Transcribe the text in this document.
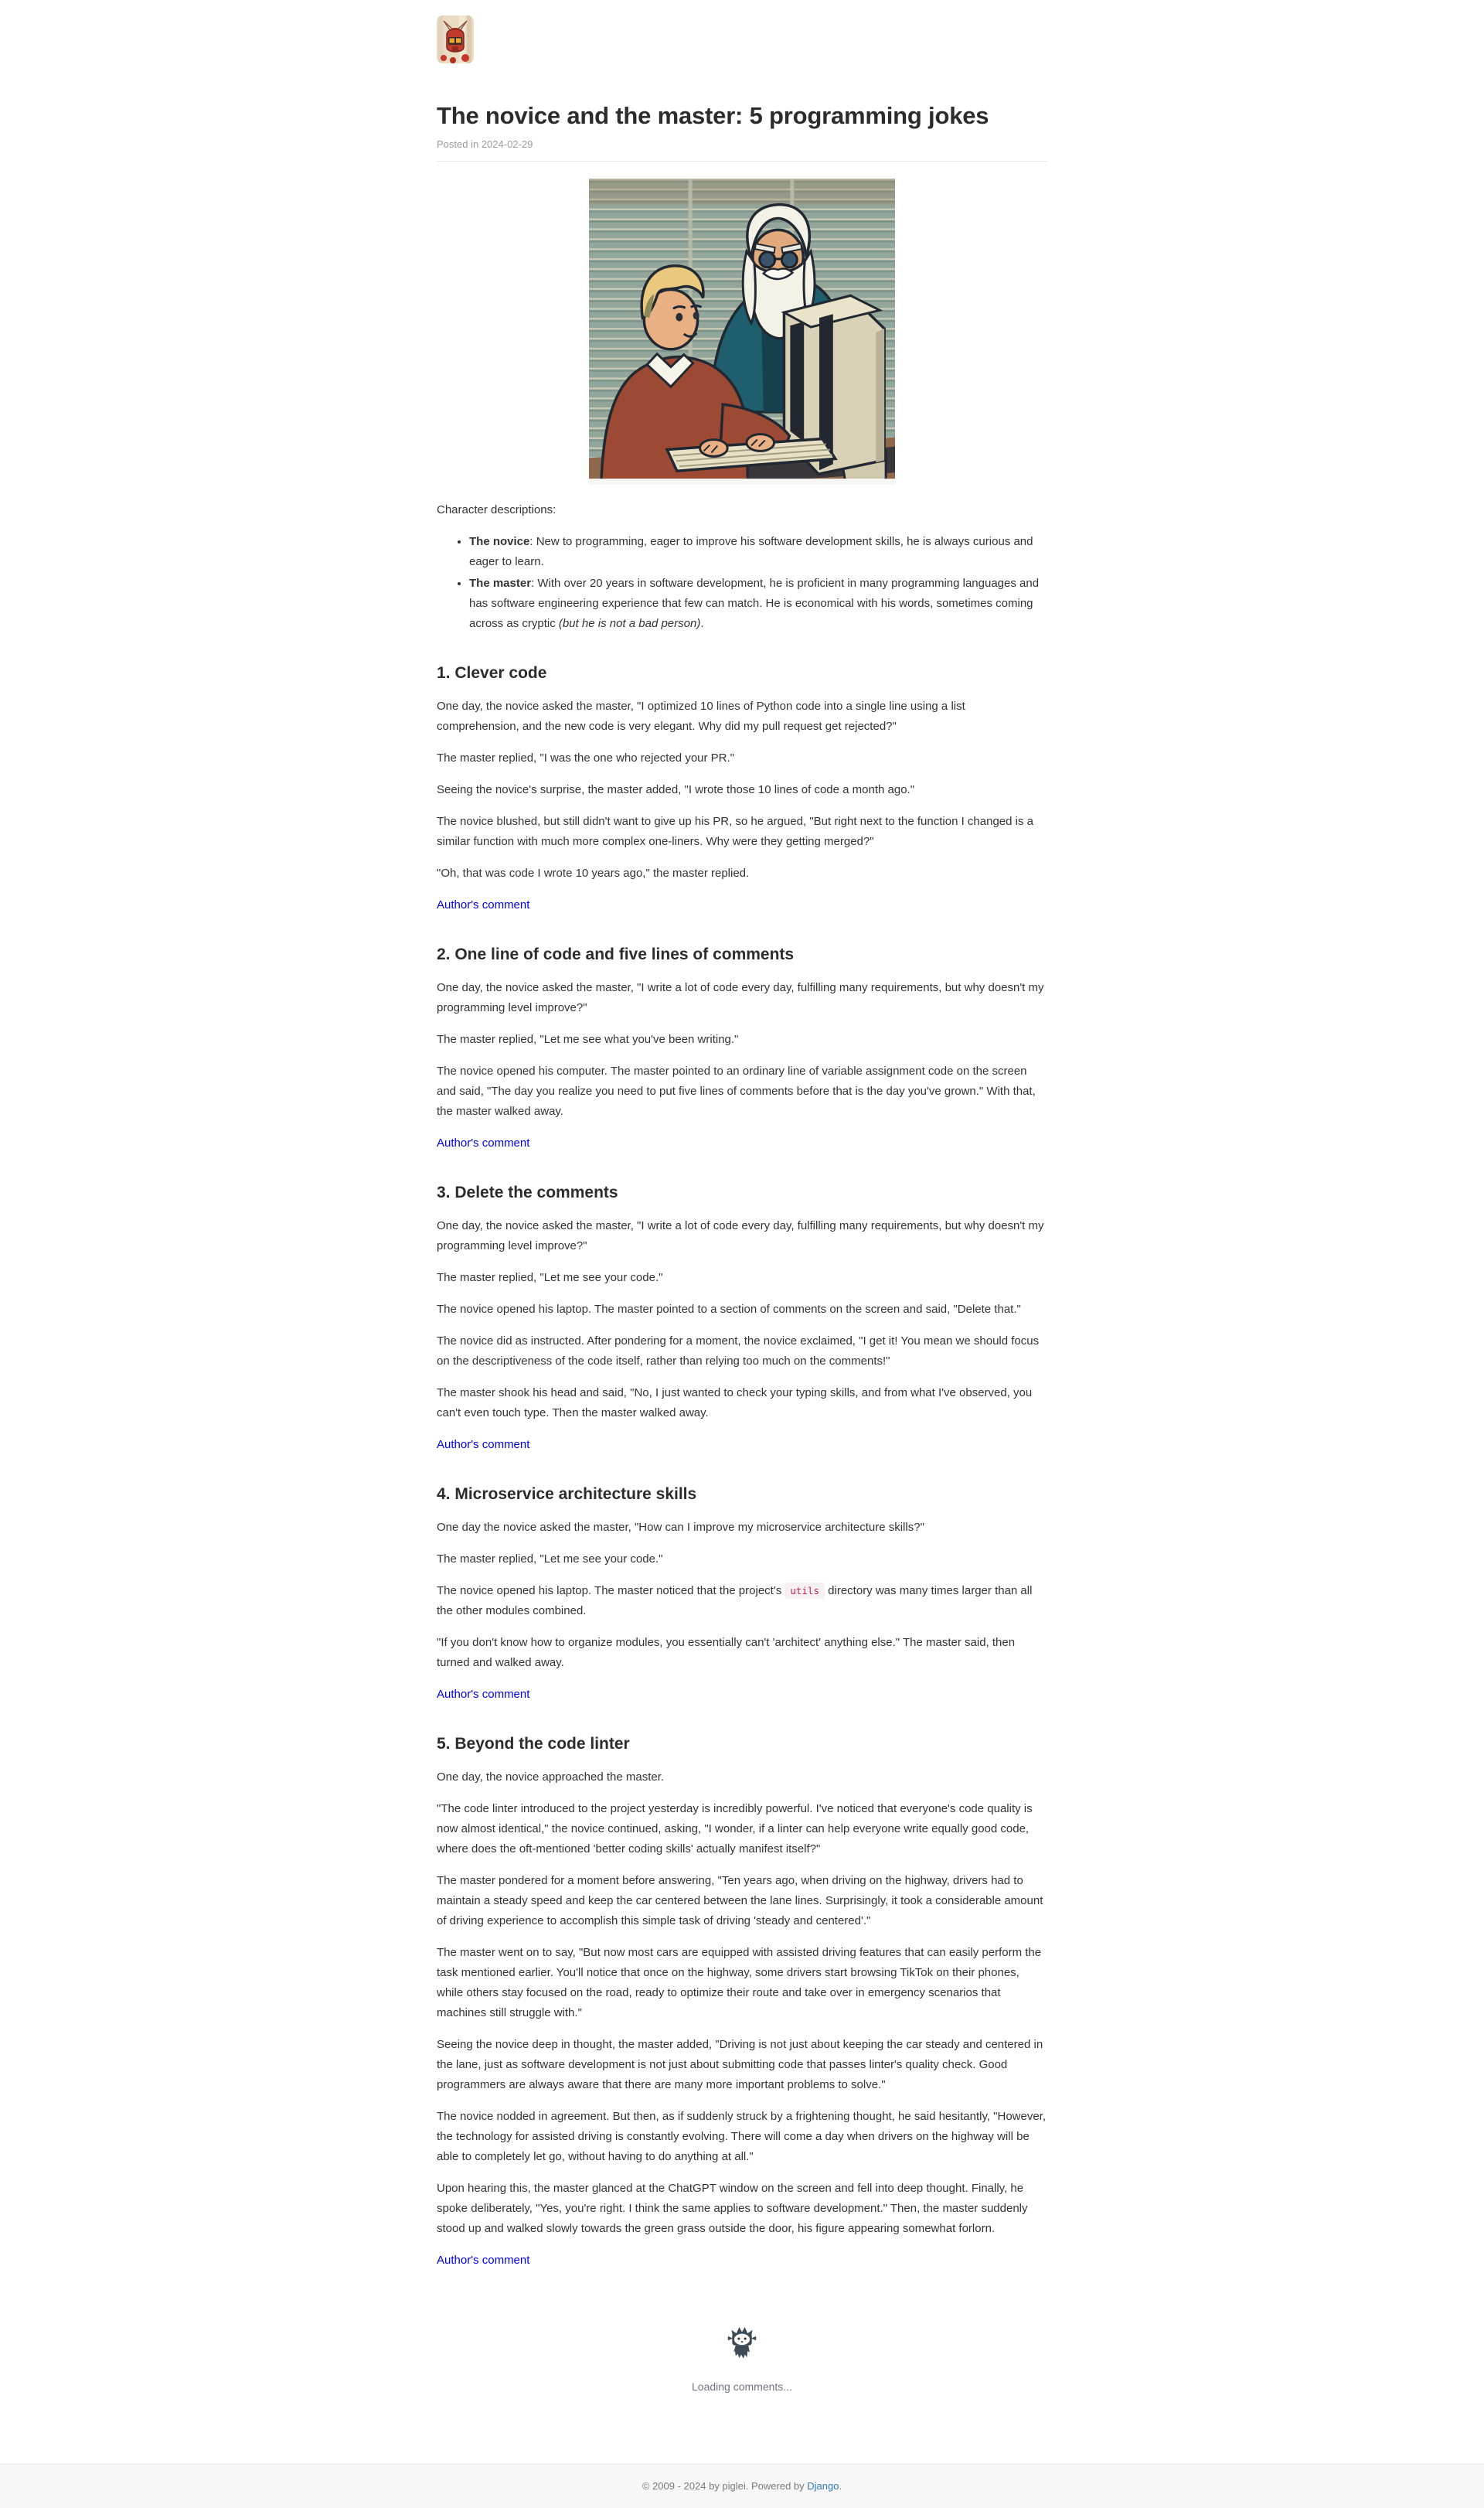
The novice and the master: 5 programming jokes
Posted in 2024-02-29

Character descriptions:

• The novice: New to programming, eager to improve his software development skills, he is always curious and eager to learn.
• The master: With over 20 years in software development, he is proficient in many programming languages and has software engineering experience that few can match. He is economical with his words, sometimes coming across as cryptic (but he is not a bad person).
1. Clever code

One day, the novice asked the master, "I optimized 10 lines of Python code into a single line using a list comprehension, and the new code is very elegant. Why did my pull request get rejected?"

The master replied, "I was the one who rejected your PR."

Seeing the novice's surprise, the master added, "I wrote those 10 lines of code a month ago."

The novice blushed, but still didn't want to give up his PR, so he argued, "But right next to the function I changed is a similar function with much more complex one-liners. Why were they getting merged?"

"Oh, that was code I wrote 10 years ago," the master replied.

Author's comment

2. One line of code and five lines of comments

One day, the novice asked the master, "I write a lot of code every day, fulfilling many requirements, but why doesn't my programming level improve?"

The master replied, "Let me see what you've been writing."

The novice opened his computer. The master pointed to an ordinary line of variable assignment code on the screen and said, "The day you realize you need to put five lines of comments before that is the day you've grown." With that, the master walked away.

Author's comment

3. Delete the comments

One day, the novice asked the master, "I write a lot of code every day, fulfilling many requirements, but why doesn't my programming level improve?"

The master replied, "Let me see your code."

The novice opened his laptop. The master pointed to a section of comments on the screen and said, "Delete that."

The novice did as instructed. After pondering for a moment, the novice exclaimed, "I get it! You mean we should focus on the descriptiveness of the code itself, rather than relying too much on the comments!"

The master shook his head and said, "No, I just wanted to check your typing skills, and from what I've observed, you can't even touch type. Then the master walked away.

Author's comment

4. Microservice architecture skills

One day the novice asked the master, "How can I improve my microservice architecture skills?"

The master replied, "Let me see your code."

The novice opened his laptop. The master noticed that the project's utils directory was many times larger than all the other modules combined.

"If you don't know how to organize modules, you essentially can't 'architect' anything else." The master said, then turned and walked away.

Author's comment

5. Beyond the code linter

One day, the novice approached the master.

"The code linter introduced to the project yesterday is incredibly powerful. I've noticed that everyone's code quality is now almost identical," the novice continued, asking, "I wonder, if a linter can help everyone write equally good code, where does the oft-mentioned 'better coding skills' actually manifest itself?"

The master pondered for a moment before answering, "Ten years ago, when driving on the highway, drivers had to maintain a steady speed and keep the car centered between the lane lines. Surprisingly, it took a considerable amount of driving experience to accomplish this simple task of driving 'steady and centered'."

The master went on to say, "But now most cars are equipped with assisted driving features that can easily perform the task mentioned earlier. You'll notice that once on the highway, some drivers start browsing TikTok on their phones, while others stay focused on the road, ready to optimize their route and take over in emergency scenarios that machines still struggle with."

Seeing the novice deep in thought, the master added, "Driving is not just about keeping the car steady and centered in the lane, just as software development is not just about submitting code that passes linter's quality check. Good programmers are always aware that there are many more important problems to solve."

The novice nodded in agreement. But then, as if suddenly struck by a frightening thought, he said hesitantly, "However, the technology for assisted driving is constantly evolving. There will come a day when drivers on the highway will be able to completely let go, without having to do anything at all."

Upon hearing this, the master glanced at the ChatGPT window on the screen and fell into deep thought. Finally, he spoke deliberately, "Yes, you're right. I think the same applies to software development." Then, the master suddenly stood up and walked slowly towards the green grass outside the door, his figure appearing somewhat forlorn.

Author's comment

Loading comments...
© 2009 - 2024 by piglei. Powered by Django.
